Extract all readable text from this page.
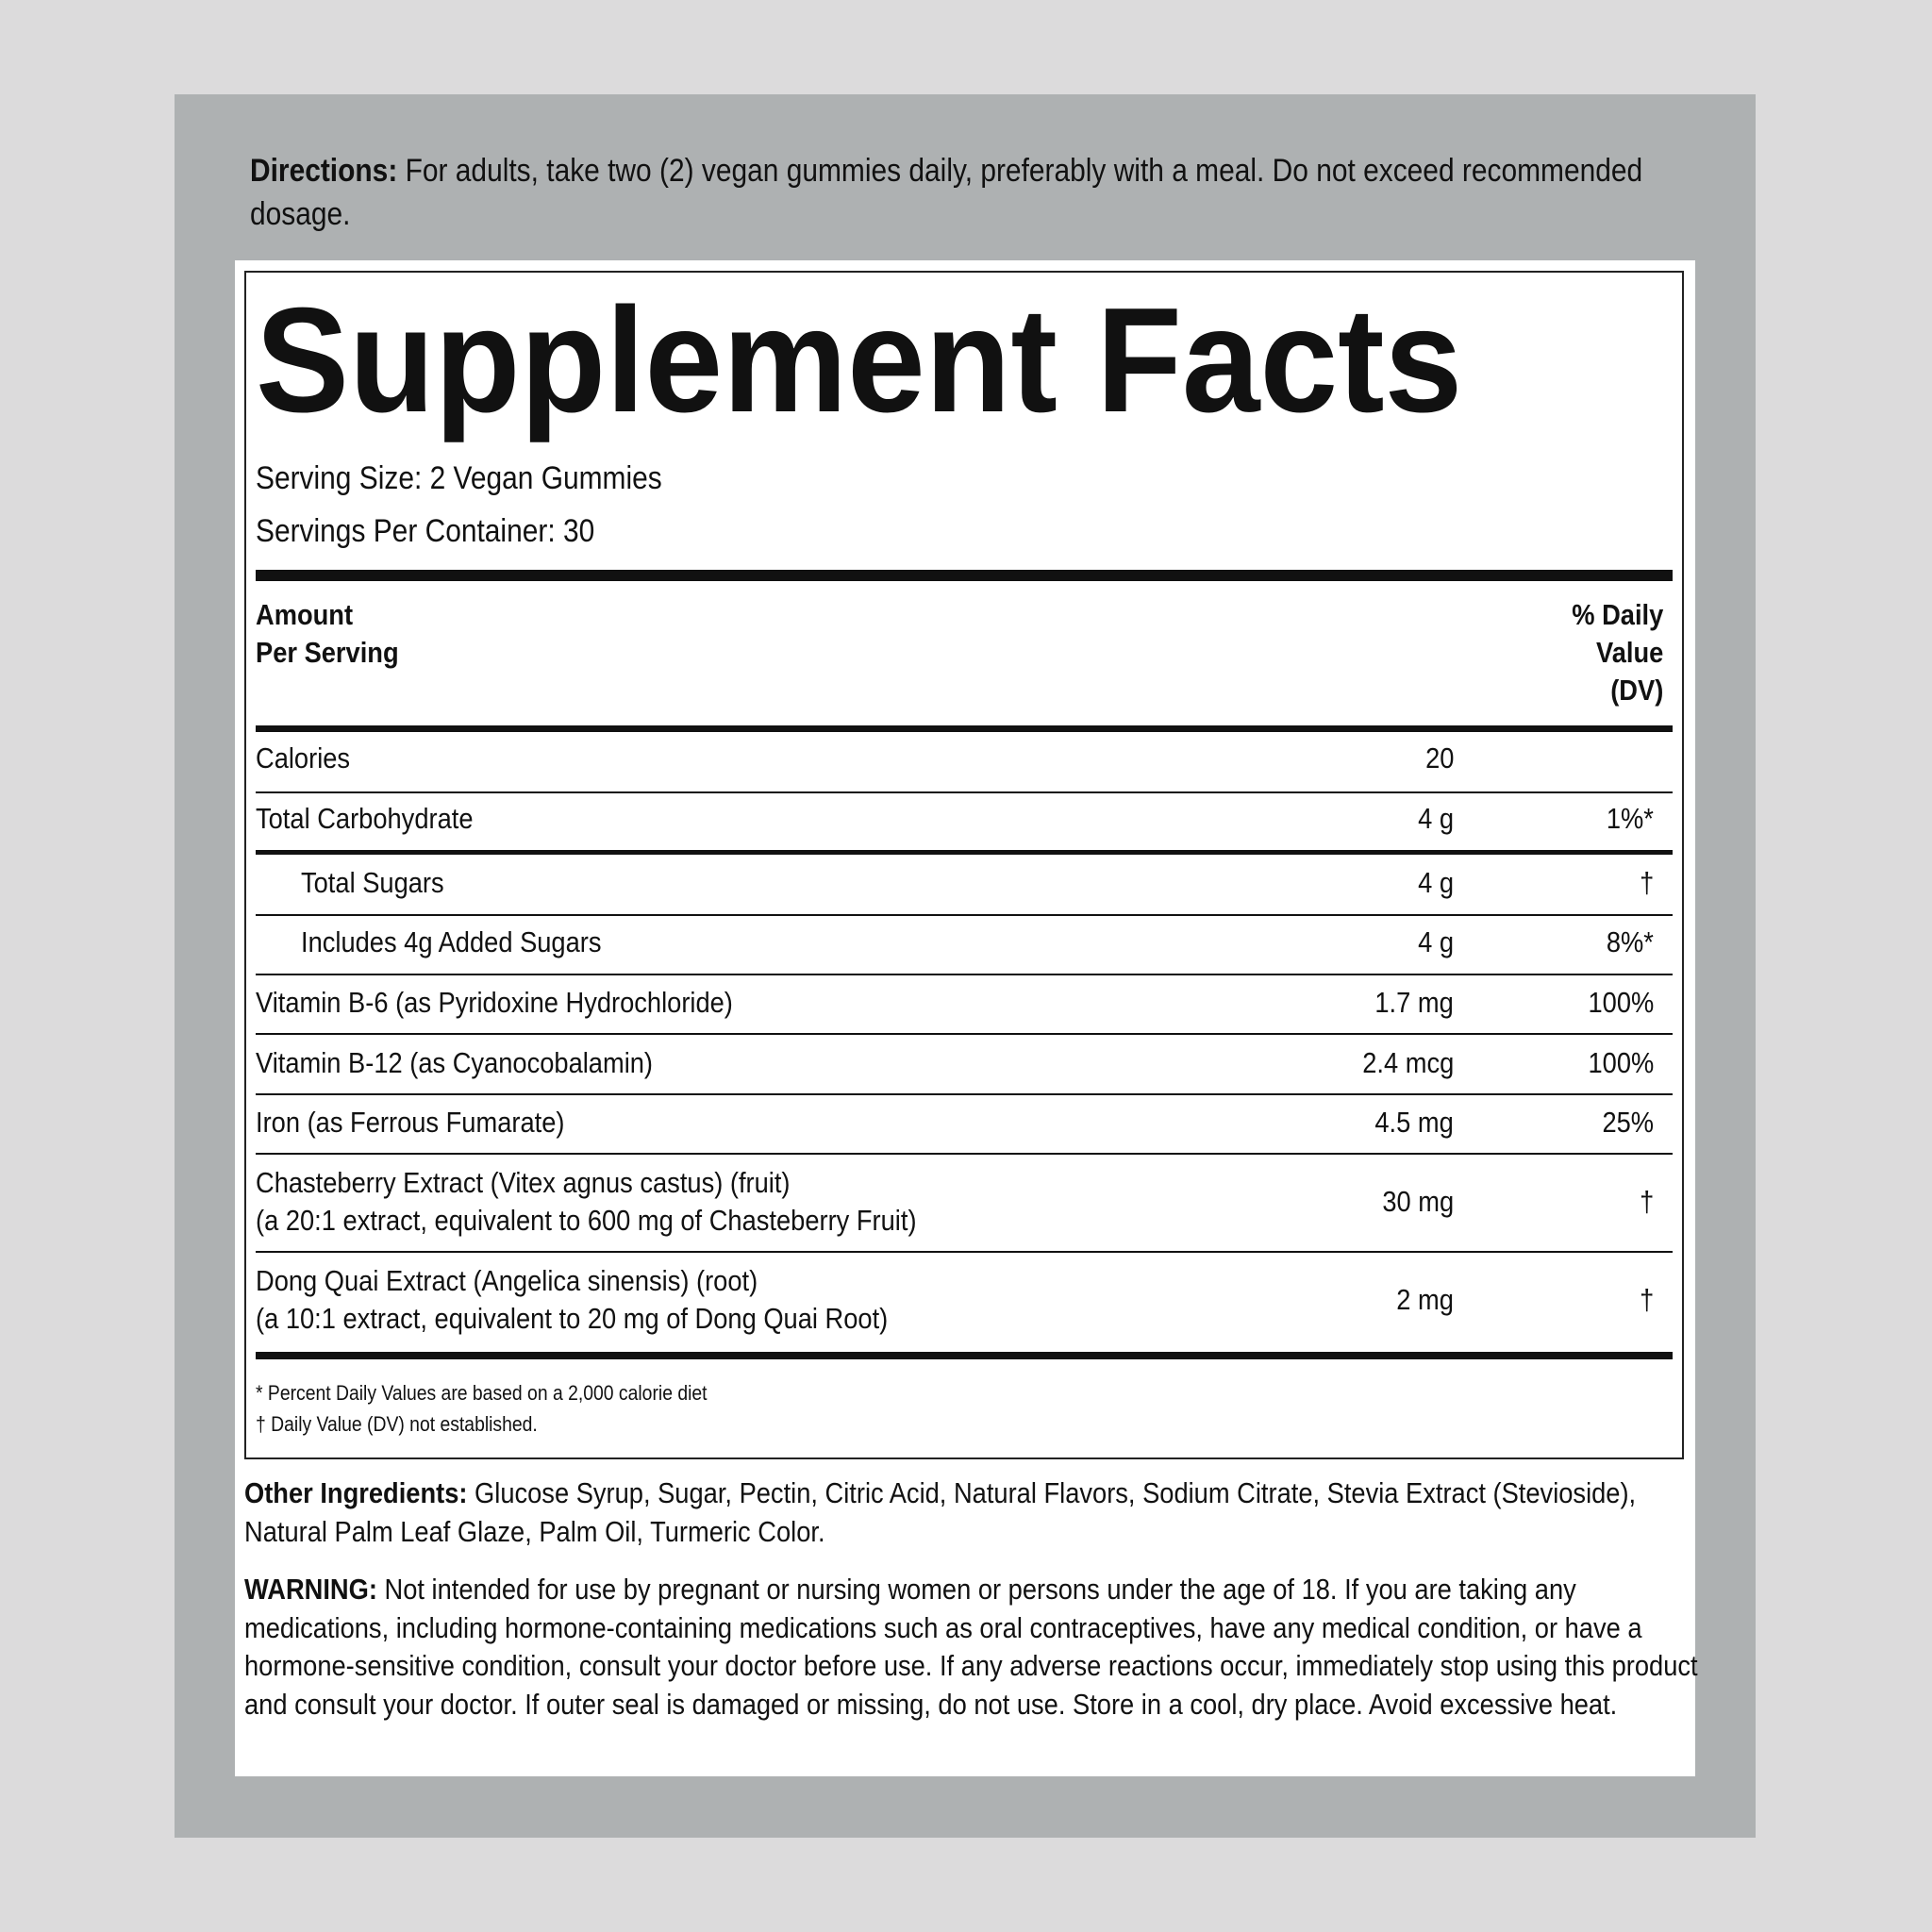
Directions: For adults, take two (2) vegan gummies daily, preferably with a meal. Do not exceed recommended dosage.
Supplement Facts
Serving Size: 2 Vegan Gummies
Servings Per Container: 30
Amount
Per Serving
% Daily
Value
(DV)
Calories	20
Total Carbohydrate	4 g	1%*
Total Sugars	4 g	†
Includes 4g Added Sugars	4 g	8%*
Vitamin B-6 (as Pyridoxine Hydrochloride)	1.7 mg	100%
Vitamin B-12 (as Cyanocobalamin)	2.4 mcg	100%
Iron (as Ferrous Fumarate)	4.5 mg	25%
Chasteberry Extract (Vitex agnus castus) (fruit)
(a 20:1 extract, equivalent to 600 mg of Chasteberry Fruit)
30 mg	†
Dong Quai Extract (Angelica sinensis) (root)
(a 10:1 extract, equivalent to 20 mg of Dong Quai Root)
2 mg	†
* Percent Daily Values are based on a 2,000 calorie diet
† Daily Value (DV) not established.
Other Ingredients: Glucose Syrup, Sugar, Pectin, Citric Acid, Natural Flavors, Sodium Citrate, Stevia Extract (Stevioside), Natural Palm Leaf Glaze, Palm Oil, Turmeric Color.
WARNING: Not intended for use by pregnant or nursing women or persons under the age of 18. If you are taking any medications, including hormone-containing medications such as oral contraceptives, have any medical condition, or have a hormone-sensitive condition, consult your doctor before use. If any adverse reactions occur, immediately stop using this product and consult your doctor. If outer seal is damaged or missing, do not use. Store in a cool, dry place. Avoid excessive heat.
